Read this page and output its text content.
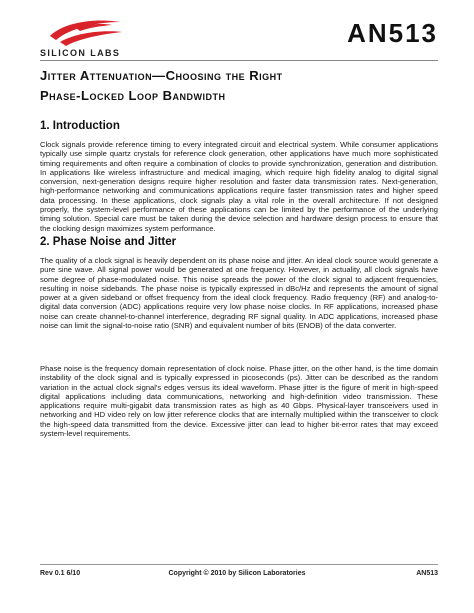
SILICON LABS
AN513
Jitter Attenuation—Choosing the Right
Phase-Locked Loop Bandwidth
1. Introduction
Clock signals provide reference timing to every integrated circuit and electrical system. While consumer applications typically use simple quartz crystals for reference clock generation, other applications have much more sophisticated timing requirements and often require a combination of clocks to provide synchronization, generation and distribution. In applications like wireless infrastructure and medical imaging, which require high fidelity analog to digital signal conversion, next-generation designs require higher resolution and faster data transmission rates. Next-generation, high-performance networking and communications applications require faster transmission rates and higher speed data processing. In these applications, clock signals play a vital role in the overall architecture. If not designed properly, the system-level performance of these applications can be limited by the performance of the underlying timing solution. Special care must be taken during the device selection and hardware design process to ensure that the clocking design maximizes system performance.
2. Phase Noise and Jitter
The quality of a clock signal is heavily dependent on its phase noise and jitter. An ideal clock source would generate a pure sine wave. All signal power would be generated at one frequency. However, in actuality, all clock signals have some degree of phase-modulated noise. This noise spreads the power of the clock signal to adjacent frequencies, resulting in noise sidebands. The phase noise is typically expressed in dBc/Hz and represents the amount of signal power at a given sideband or offset frequency from the ideal clock frequency. Radio frequency (RF) and analog-to-digital data conversion (ADC) applications require very low phase noise clocks. In RF applications, increased phase noise can create channel-to-channel interference, degrading RF signal quality. In ADC applications, increased phase noise can limit the signal-to-noise ratio (SNR) and equivalent number of bits (ENOB) of the data converter.
Phase noise is the frequency domain representation of clock noise. Phase jitter, on the other hand, is the time domain instability of the clock signal and is typically expressed in picoseconds (ps). Jitter can be described as the random variation in the actual clock signal's edges versus its ideal waveform. Phase jitter is the figure of merit in high-speed digital applications including data communications, networking and high-definition video transmission. These applications require multi-gigabit data transmission rates as high as 40 Gbps. Physical-layer transceivers used in networking and HD video rely on low jitter reference clocks that are internally multiplied within the transceiver to clock the high-speed data transmitted from the device. Excessive jitter can lead to higher bit-error rates that may exceed system-level requirements.
Rev 0.1 6/10	Copyright © 2010 by Silicon Laboratories	AN513
